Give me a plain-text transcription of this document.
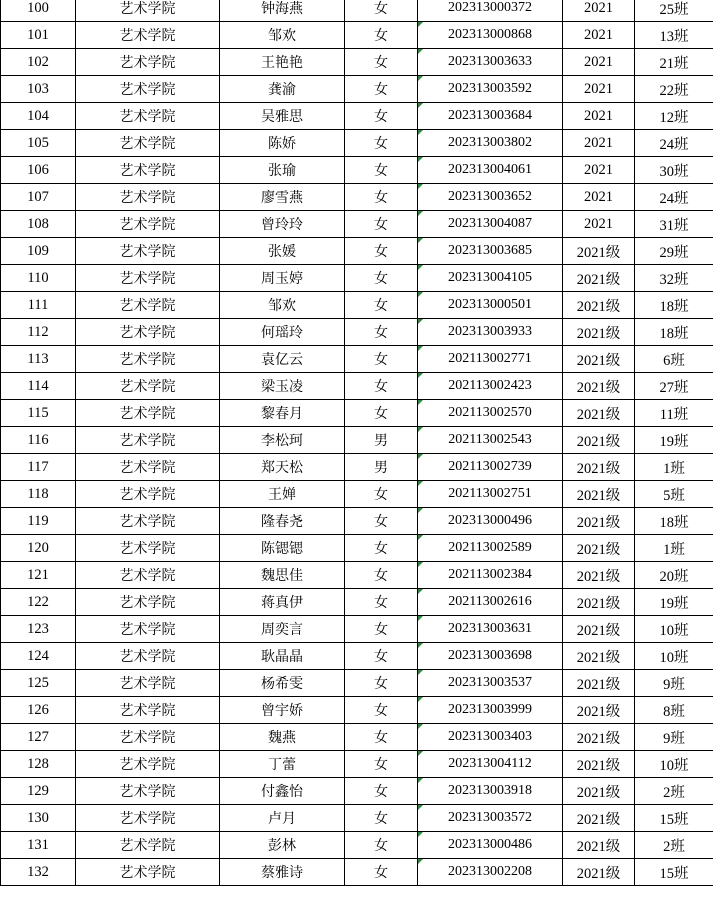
100	艺术学院	钟海燕	女	202313000372	2021	25班
101	艺术学院	邹欢	女	202313000868	2021	13班
102	艺术学院	王艳艳	女	202313003633	2021	21班
103	艺术学院	龚渝	女	202313003592	2021	22班
104	艺术学院	吴雅思	女	202313003684	2021	12班
105	艺术学院	陈娇	女	202313003802	2021	24班
106	艺术学院	张瑜	女	202313004061	2021	30班
107	艺术学院	廖雪燕	女	202313003652	2021	24班
108	艺术学院	曾玲玲	女	202313004087	2021	31班
109	艺术学院	张媛	女	202313003685	2021级	29班
110	艺术学院	周玉婷	女	202313004105	2021级	32班
111	艺术学院	邹欢	女	202313000501	2021级	18班
112	艺术学院	何瑶玲	女	202313003933	2021级	18班
113	艺术学院	袁亿云	女	202113002771	2021级	6班
114	艺术学院	梁玉凌	女	202113002423	2021级	27班
115	艺术学院	黎春月	女	202113002570	2021级	11班
116	艺术学院	李松珂	男	202113002543	2021级	19班
117	艺术学院	郑天松	男	202113002739	2021级	1班
118	艺术学院	王婵	女	202113002751	2021级	5班
119	艺术学院	隆春尧	女	202313000496	2021级	18班
120	艺术学院	陈锶锶	女	202113002589	2021级	1班
121	艺术学院	魏思佳	女	202113002384	2021级	20班
122	艺术学院	蒋真伊	女	202113002616	2021级	19班
123	艺术学院	周奕言	女	202313003631	2021级	10班
124	艺术学院	耿晶晶	女	202313003698	2021级	10班
125	艺术学院	杨希雯	女	202313003537	2021级	9班
126	艺术学院	曾宇娇	女	202313003999	2021级	8班
127	艺术学院	魏燕	女	202313003403	2021级	9班
128	艺术学院	丁蕾	女	202313004112	2021级	10班
129	艺术学院	付鑫怡	女	202313003918	2021级	2班
130	艺术学院	卢月	女	202313003572	2021级	15班
131	艺术学院	彭林	女	202313000486	2021级	2班
132	艺术学院	蔡雅诗	女	202313002208	2021级	15班
